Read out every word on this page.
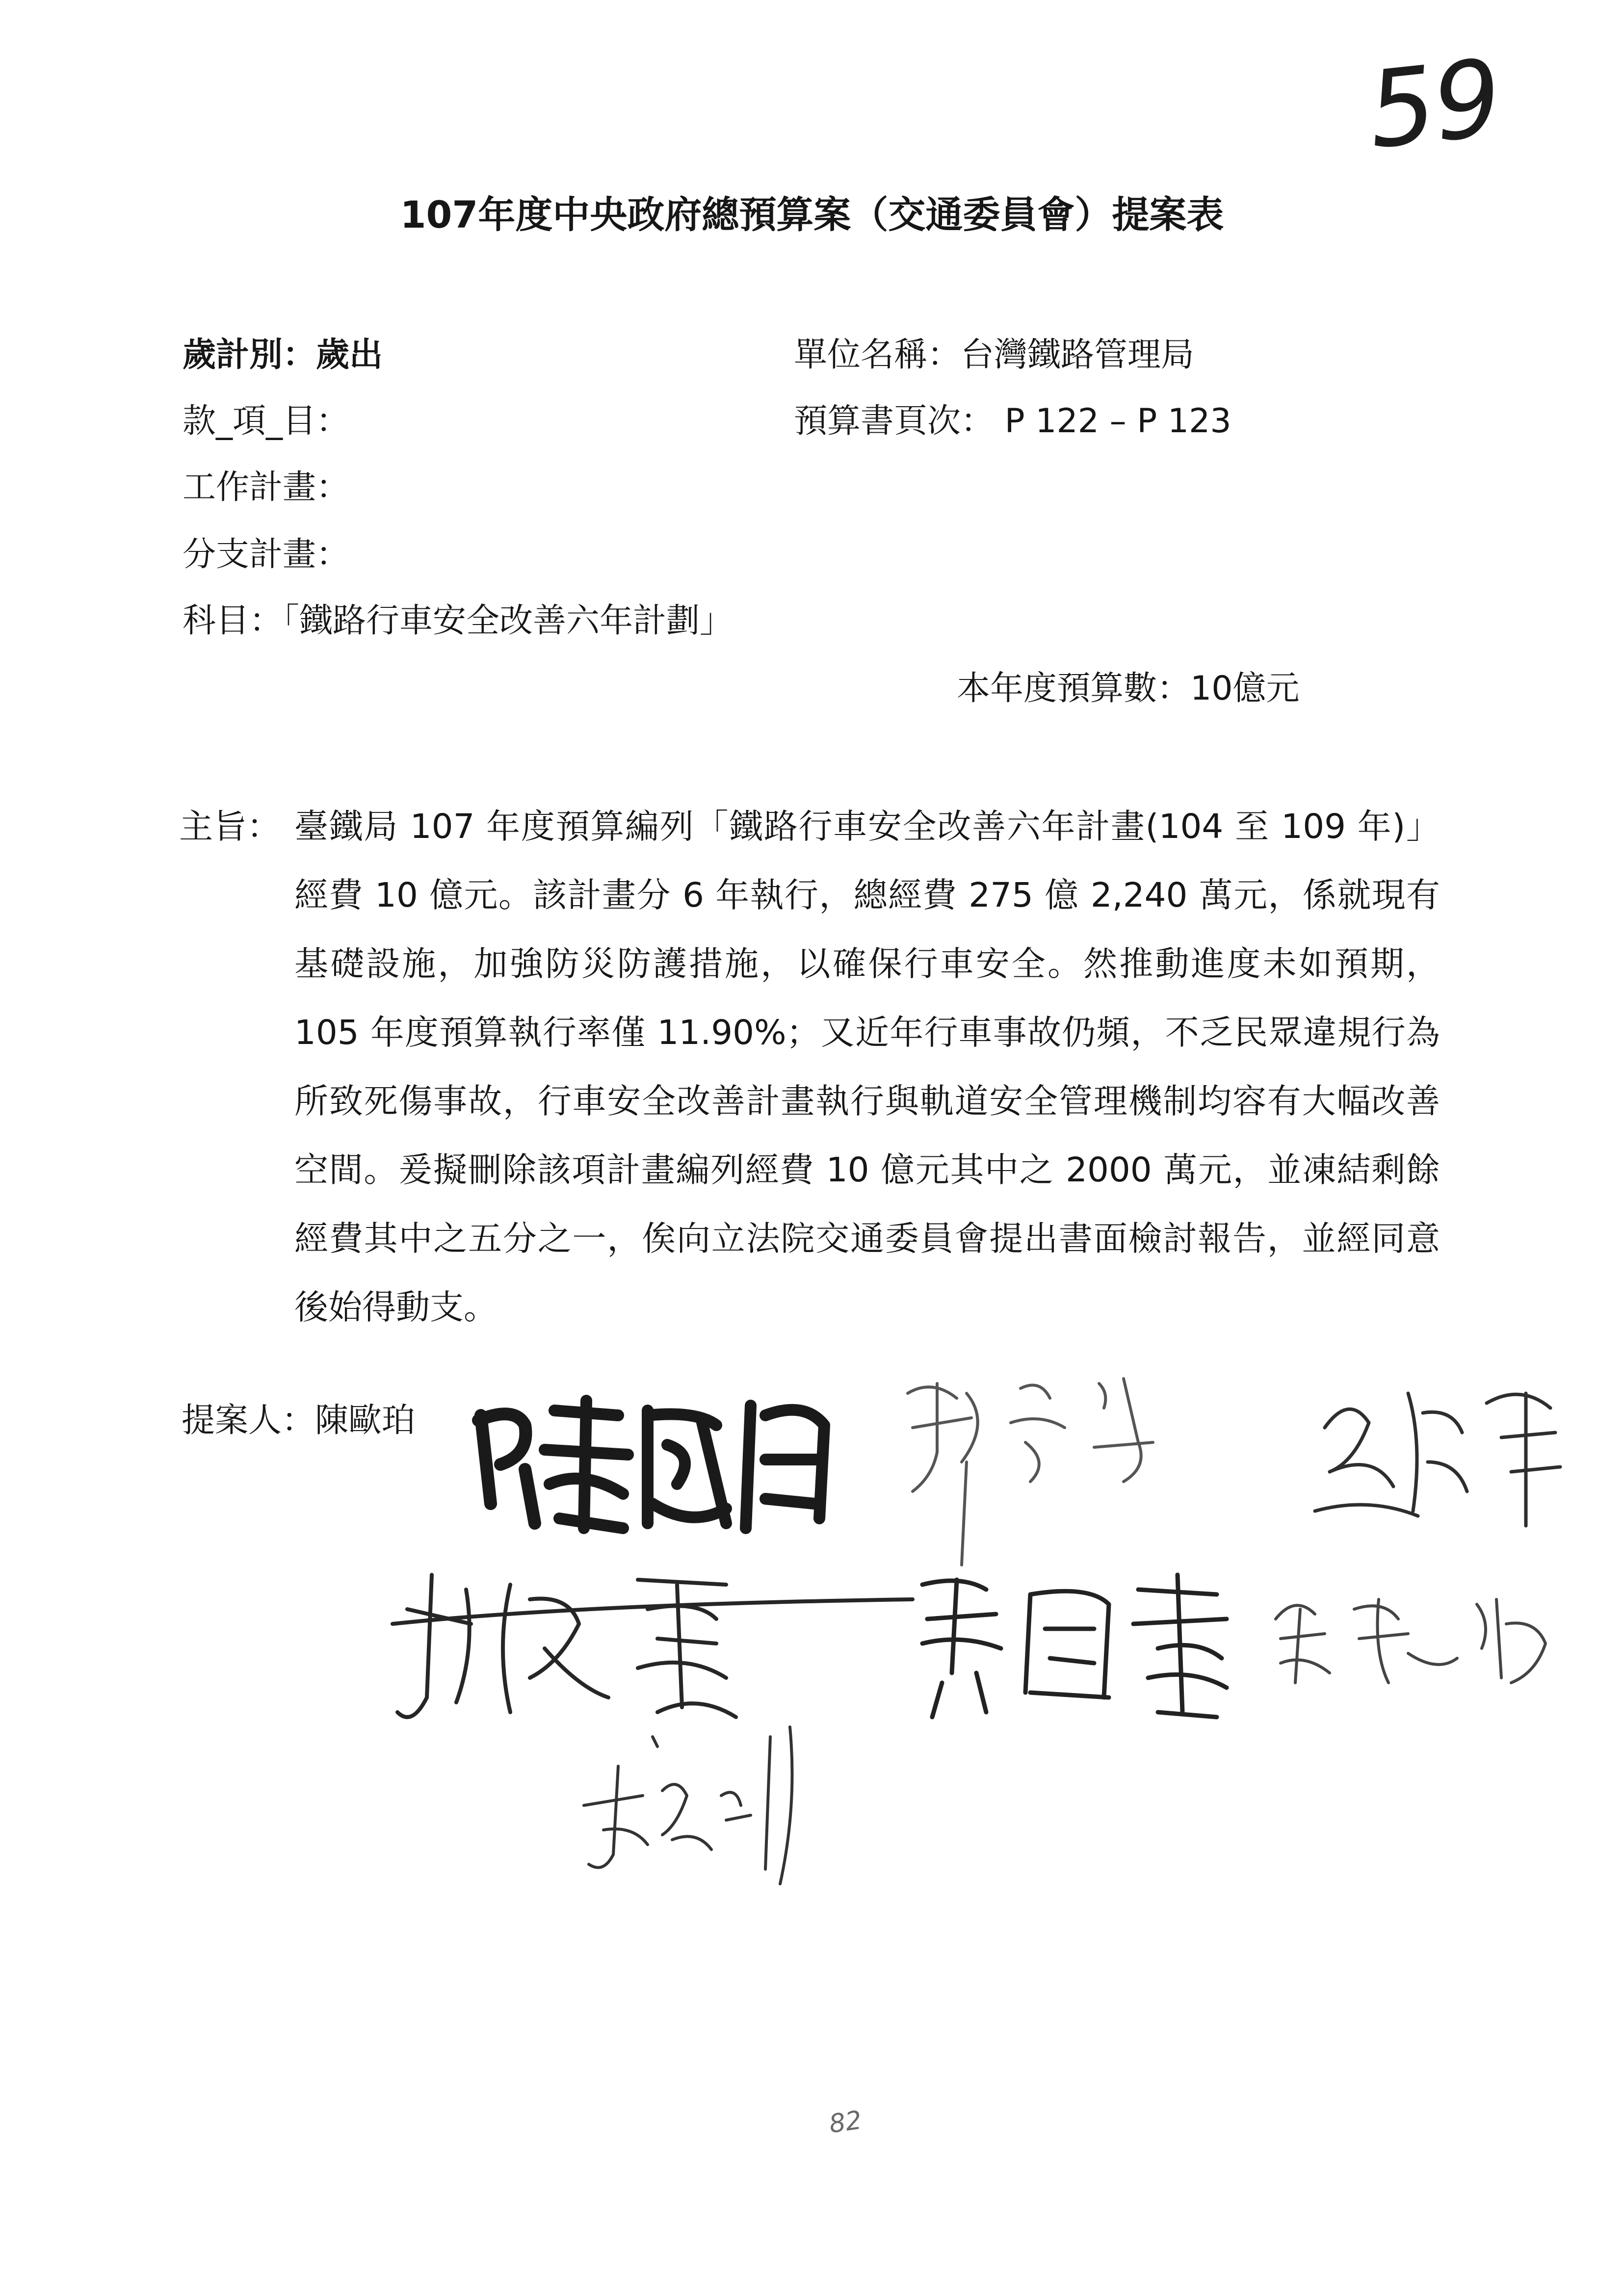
59
107年度中央政府總預算案（交通委員會）提案表
歲計別：歲出	單位名稱：台灣鐵路管理局
款_項_目：	預算書頁次： P 122 – P 123
工作計畫：
分支計畫：
科目：「鐵路行車安全改善六年計劃」
本年度預算數：10億元
主旨： 臺鐵局 107 年度預算編列「鐵路行車安全改善六年計畫(104 至 109 年)」經費 10 億元。該計畫分 6 年執行，總經費 275 億 2,240 萬元，係就現有基礎設施，加強防災防護措施，以確保行車安全。然推動進度未如預期，105 年度預算執行率僅 11.90%；又近年行車事故仍頻，不乏民眾違規行為所致死傷事故，行車安全改善計畫執行與軌道安全管理機制均容有大幅改善空間。爰擬刪除該項計畫編列經費 10 億元其中之 2000 萬元，並凍結剩餘經費其中之五分之一，俟向立法院交通委員會提出書面檢討報告，並經同意後始得動支。
提案人：陳歐珀
82
